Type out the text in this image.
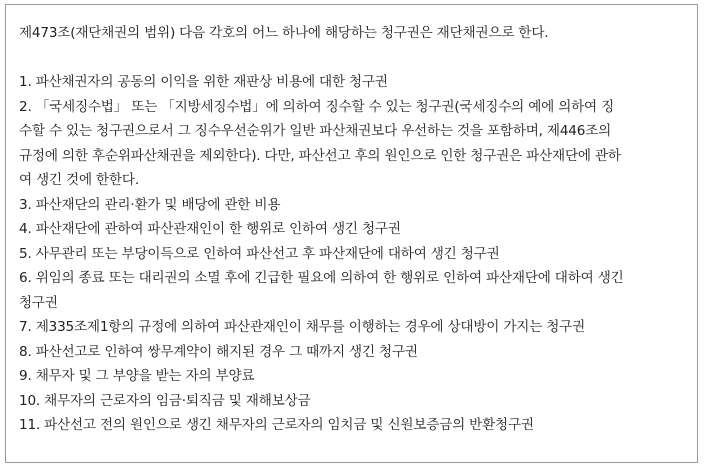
제473조(재단채권의 범위) 다음 각호의 어느 하나에 해당하는 청구권은 재단채권으로 한다.
1. 파산채권자의 공동의 이익을 위한 재판상 비용에 대한 청구권
2. 「국세징수법」 또는 「지방세징수법」에 의하여 징수할 수 있는 청구권(국세징수의 예에 의하여 징
수할 수 있는 청구권으로서 그 징수우선순위가 일반 파산채권보다 우선하는 것을 포함하며, 제446조의
규정에 의한 후순위파산채권을 제외한다). 다만, 파산선고 후의 원인으로 인한 청구권은 파산재단에 관하
여 생긴 것에 한한다.
3. 파산재단의 관리·환가 및 배당에 관한 비용
4. 파산재단에 관하여 파산관재인이 한 행위로 인하여 생긴 청구권
5. 사무관리 또는 부당이득으로 인하여 파산선고 후 파산재단에 대하여 생긴 청구권
6. 위임의 종료 또는 대리권의 소멸 후에 긴급한 필요에 의하여 한 행위로 인하여 파산재단에 대하여 생긴
청구권
7. 제335조제1항의 규정에 의하여 파산관재인이 채무를 이행하는 경우에 상대방이 가지는 청구권
8. 파산선고로 인하여 쌍무계약이 해지된 경우 그 때까지 생긴 청구권
9. 채무자 및 그 부양을 받는 자의 부양료
10. 채무자의 근로자의 임금·퇴직금 및 재해보상금
11. 파산선고 전의 원인으로 생긴 채무자의 근로자의 임치금 및 신원보증금의 반환청구권
